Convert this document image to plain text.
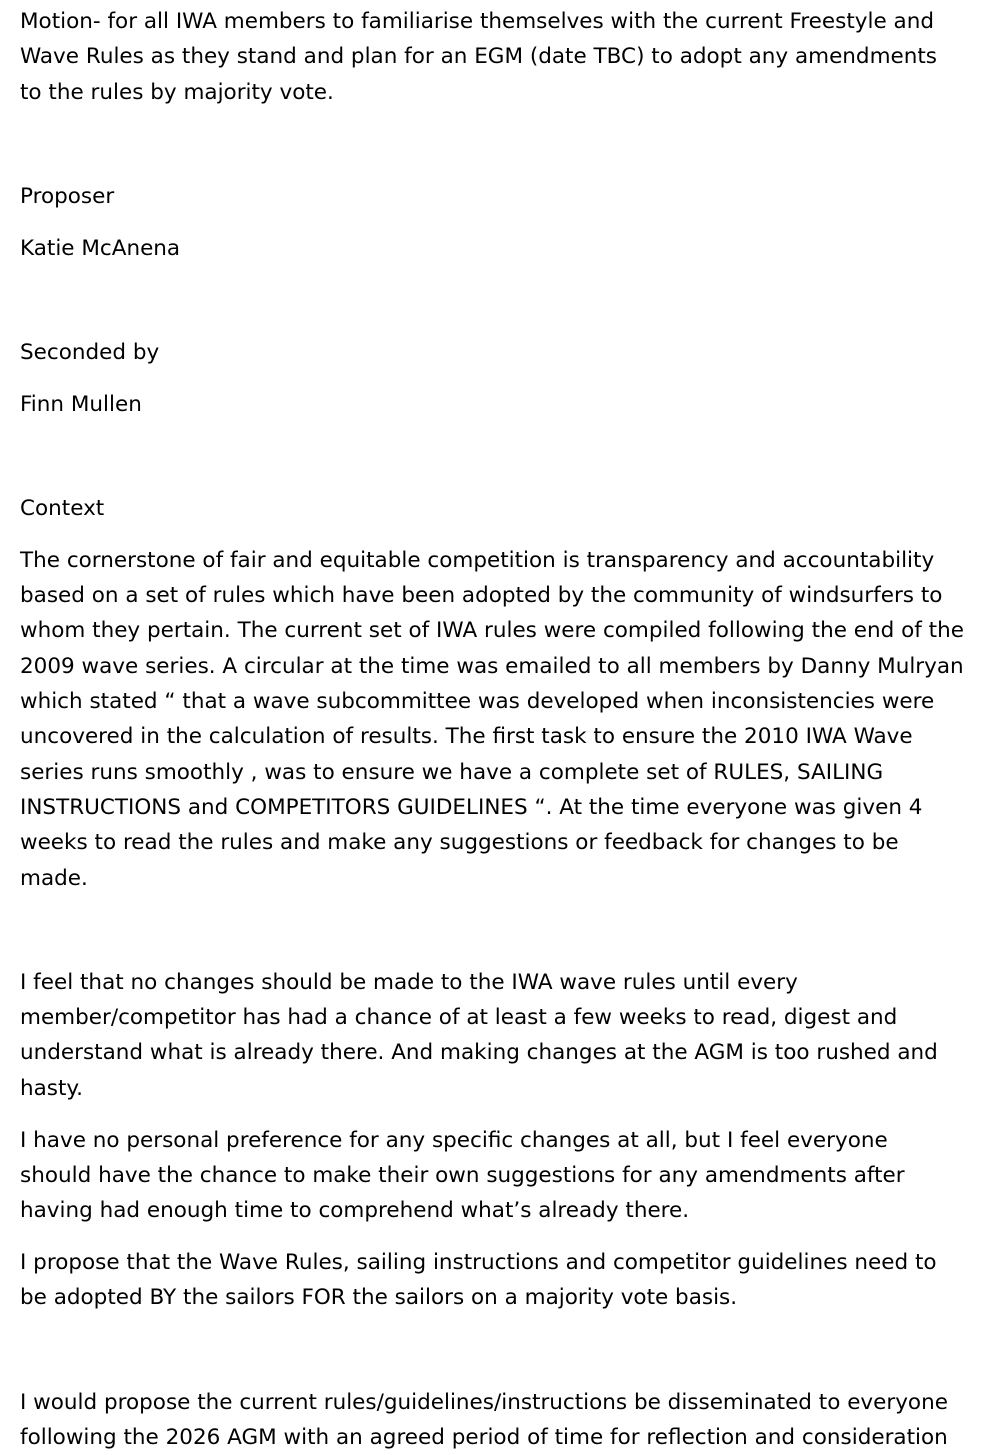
Motion- for all IWA members to familiarise themselves with the current Freestyle and Wave Rules as they stand and plan for an EGM (date TBC) to adopt any amendments to the rules by majority vote.

Proposer

Katie McAnena

Seconded by

Finn Mullen

Context

The cornerstone of fair and equitable competition is transparency and accountability based on a set of rules which have been adopted by the community of windsurfers to whom they pertain. The current set of IWA rules were compiled following the end of the 2009 wave series. A circular at the time was emailed to all members by Danny Mulryan which stated “ that a wave subcommittee was developed when inconsistencies were uncovered in the calculation of results. The first task to ensure the 2010 IWA Wave series runs smoothly , was to ensure we have a complete set of RULES, SAILING INSTRUCTIONS and COMPETITORS GUIDELINES “. At the time everyone was given 4 weeks to read the rules and make any suggestions or feedback for changes to be made.

I feel that no changes should be made to the IWA wave rules until every member/competitor has had a chance of at least a few weeks to read, digest and understand what is already there. And making changes at the AGM is too rushed and hasty.

I have no personal preference for any specific changes at all, but I feel everyone should have the chance to make their own suggestions for any amendments after having had enough time to comprehend what’s already there.

I propose that the Wave Rules, sailing instructions and competitor guidelines need to be adopted BY the sailors FOR the sailors on a majority vote basis.

I would propose the current rules/guidelines/instructions be disseminated to everyone following the 2026 AGM with an agreed period of time for reflection and consideration
